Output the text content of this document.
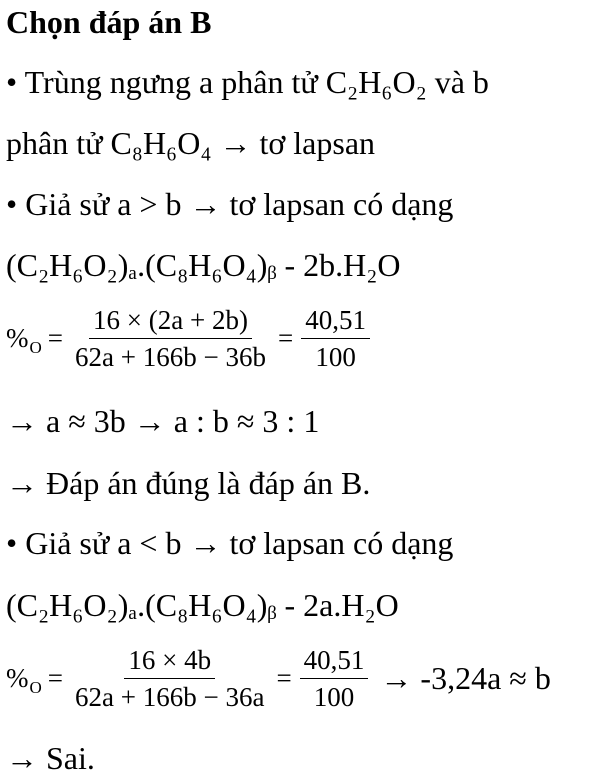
Chọn đáp án B
• Trùng ngưng a phân tử C₂H₆O₂ và b
phân tử C₈H₆O₄ → tơ lapsan
• Giả sử a > b → tơ lapsan có dạng
(C₂H₆O₂)ₐ.(C₈H₆O₄)ᵦ - 2b.H₂O
% $O = \frac{16 \times (2a + 2b)}{62a + 166b - 36b} = \frac{40,51}{100}$
→ a ≈ 3b → a : b ≈ 3 : 1
→ Đáp án đúng là đáp án B.
• Giả sử a < b → tơ lapsan có dạng
(C₂H₆O₂)ₐ.(C₈H₆O₄)ᵦ - 2a.H₂O
% $O = \frac{16 \times 4b}{62a + 166b - 36a} = \frac{40,51}{100} \to -3,24a \approx b$
→ Sai.
